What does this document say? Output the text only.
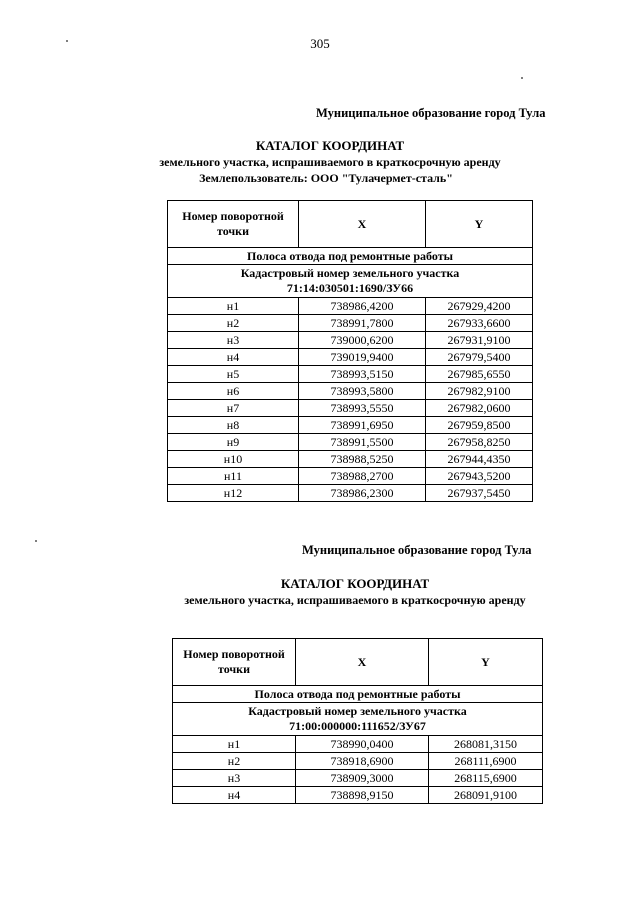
305
Муниципальное образование город Тула
КАТАЛОГ КООРДИНАТ
земельного участка, испрашиваемого в краткосрочную аренду
Землепользователь: ООО "Тулачермет-сталь"
Номер поворотной точки	X	Y
Полоса отвода под ремонтные работы		

Кадастровый номер земельного участка
71:14:030501:1690/ЗУ66		

н1	738986,4200	267929,4200
н2	738991,7800	267933,6600
н3	739000,6200	267931,9100
н4	739019,9400	267979,5400
н5	738993,5150	267985,6550
н6	738993,5800	267982,9100
н7	738993,5550	267982,0600
н8	738991,6950	267959,8500
н9	738991,5500	267958,8250
н10	738988,5250	267944,4350
н11	738988,2700	267943,5200
н12	738986,2300	267937,5450
Муниципальное образование город Тула
КАТАЛОГ КООРДИНАТ
земельного участка, испрашиваемого в краткосрочную аренду
Номер поворотной точки	X	Y
Полоса отвода под ремонтные работы		

Кадастровый номер земельного участка
71:00:000000:111652/ЗУ67		

н1	738990,0400	268081,3150
н2	738918,6900	268111,6900
н3	738909,3000	268115,6900
н4	738898,9150	268091,9100
